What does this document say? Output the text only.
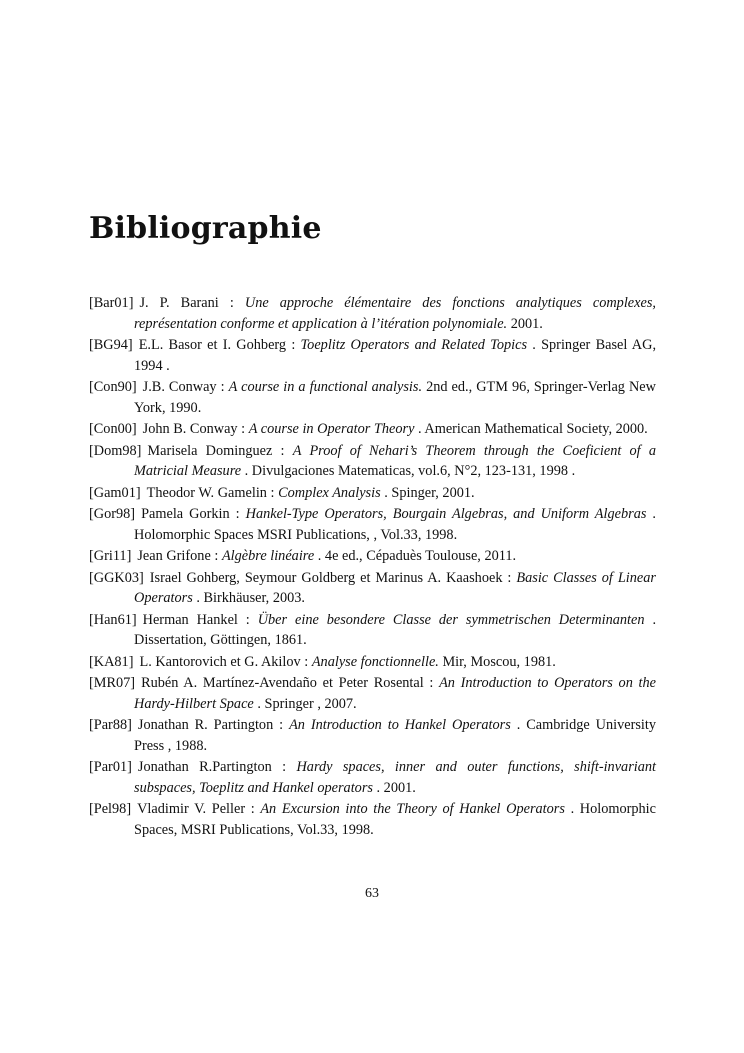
Bibliographie
[Bar01] J. P. Barani : Une approche élémentaire des fonctions analytiques complexes, représentation conforme et application à l’itération polynomiale. 2001.
[BG94] E.L. Basor et I. Gohberg : Toeplitz Operators and Related Topics . Springer Basel AG, 1994 .
[Con90] J.B. Conway : A course in a functional analysis. 2nd ed., GTM 96, Springer-Verlag New York, 1990.
[Con00] John B. Conway : A course in Operator Theory . American Mathematical Society, 2000.
[Dom98] Marisela Dominguez : A Proof of Nehari’s Theorem through the Coeficient of a Matricial Measure . Divulgaciones Matematicas, vol.6, N°2, 123-131, 1998 .
[Gam01] Theodor W. Gamelin : Complex Analysis . Spinger, 2001.
[Gor98] Pamela Gorkin : Hankel-Type Operators, Bourgain Algebras, and Uniform Algebras . Holomorphic Spaces MSRI Publications, , Vol.33, 1998.
[Gri11] Jean Grifone : Algèbre linéaire . 4e ed., Cépaduès Toulouse, 2011.
[GGK03] Israel Gohberg, Seymour Goldberg et Marinus A. Kaashoek : Basic Classes of Linear Operators . Birkhäuser, 2003.
[Han61] Herman Hankel : Über eine besondere Classe der symmetrischen Determinanten . Dissertation, Göttingen, 1861.
[KA81] L. Kantorovich et G. Akilov : Analyse fonctionnelle. Mir, Moscou, 1981.
[MR07] Rubén A. Martínez-Avendaño et Peter Rosental : An Introduction to Operators on the Hardy-Hilbert Space . Springer , 2007.
[Par88] Jonathan R. Partington : An Introduction to Hankel Operators . Cambridge University Press , 1988.
[Par01] Jonathan R.Partington : Hardy spaces, inner and outer functions, shift-invariant subspaces, Toeplitz and Hankel operators . 2001.
[Pel98] Vladimir V. Peller : An Excursion into the Theory of Hankel Operators . Holomorphic Spaces, MSRI Publications, Vol.33, 1998.
63
